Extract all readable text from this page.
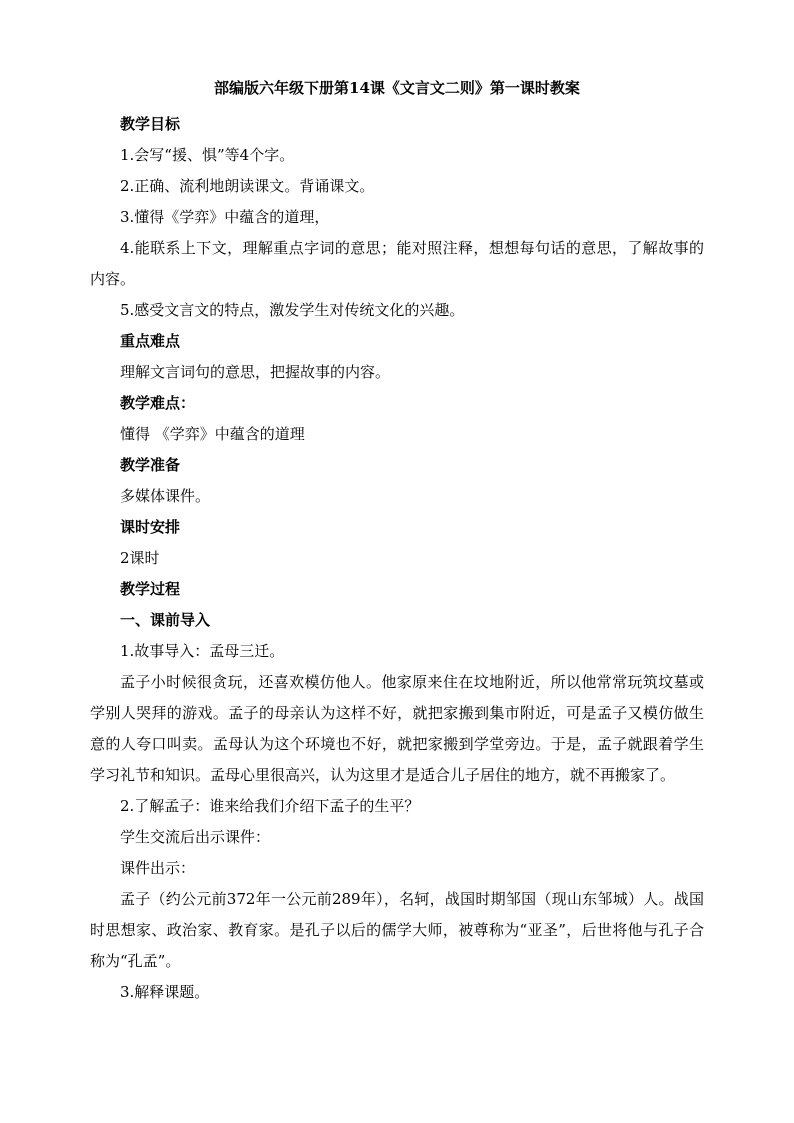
部编版六年级下册第14课《文言文二则》第一课时教案

教学目标

1.会写“援、惧”等4个字。

2.正确、流利地朗读课文。背诵课文。

3.懂得《学弈》中蕴含的道理，

4.能联系上下文，理解重点字词的意思；能对照注释，想想每句话的意思，了解故事的内容。

5.感受文言文的特点，激发学生对传统文化的兴趣。

重点难点

理解文言词句的意思，把握故事的内容。

教学难点：

懂得 《学弈》中蕴含的道理

教学准备

多媒体课件。

课时安排

2课时

教学过程

一、课前导入

1.故事导入：孟母三迁。

孟子小时候很贪玩，还喜欢模仿他人。他家原来住在坟地附近，所以他常常玩筑坟墓或学别人哭拜的游戏。孟子的母亲认为这样不好，就把家搬到集市附近，可是孟子又模仿做生意的人夸口叫卖。孟母认为这个环境也不好，就把家搬到学堂旁边。于是，孟子就跟着学生学习礼节和知识。孟母心里很高兴，认为这里才是适合儿子居住的地方，就不再搬家了。

2.了解孟子：谁来给我们介绍下孟子的生平？

学生交流后出示课件：

课件出示：

孟子（约公元前372年一公元前289年），名轲，战国时期邹国（现山东邹城）人。战国时思想家、政治家、教育家。是孔子以后的儒学大师，被尊称为“亚圣”，后世将他与孔子合称为“孔孟”。

3.解释课题。
